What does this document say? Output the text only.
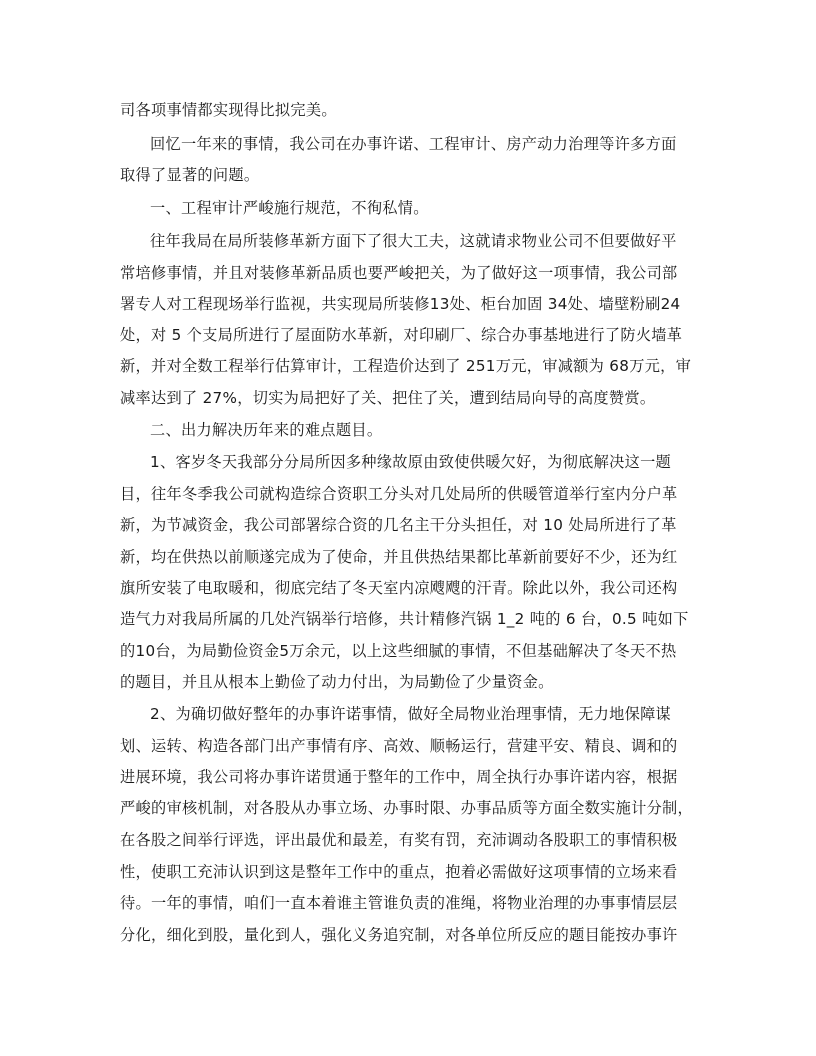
司各项事情都实现得比拟完美。
回忆一年来的事情，我公司在办事许诺、工程审计、房产动力治理等许多方面
取得了显著的问题。
一、工程审计严峻施行规范，不徇私情。
往年我局在局所装修革新方面下了很大工夫，这就请求物业公司不但要做好平
常培修事情，并且对装修革新品质也要严峻把关，为了做好这一项事情，我公司部
署专人对工程现场举行监视，共实现局所装修13处、柜台加固 34处、墙壁粉刷24
处，对 5 个支局所进行了屋面防水革新，对印刷厂、综合办事基地进行了防火墙革
新，并对全数工程举行估算审计，工程造价达到了 251万元，审减额为 68万元，审
减率达到了 27%，切实为局把好了关、把住了关，遭到结局向导的高度赞赏。
二、出力解决历年来的难点题目。
1、客岁冬天我部分分局所因多种缘故原由致使供暖欠好，为彻底解决这一题
目，往年冬季我公司就构造综合资职工分头对几处局所的供暖管道举行室内分户革
新，为节减资金，我公司部署综合资的几名主干分头担任，对 10 处局所进行了革
新，均在供热以前顺遂完成为了使命，并且供热结果都比革新前要好不少，还为红
旗所安装了电取暖和，彻底完结了冬天室内凉飕飕的汗青。除此以外，我公司还构
造气力对我局所属的几处汽锅举行培修，共计精修汽锅 1_2 吨的 6 台，0.5 吨如下
的10台，为局勤俭资金5万余元，以上这些细腻的事情，不但基础解决了冬天不热
的题目，并且从根本上勤俭了动力付出，为局勤俭了少量资金。
2、为确切做好整年的办事许诺事情，做好全局物业治理事情，无力地保障谋
划、运转、构造各部门出产事情有序、高效、顺畅运行，营建平安、精良、调和的
进展环境，我公司将办事许诺贯通于整年的工作中，周全执行办事许诺内容，根据
严峻的审核机制，对各股从办事立场、办事时限、办事品质等方面全数实施计分制，
在各股之间举行评选，评出最优和最差，有奖有罚，充沛调动各股职工的事情积极
性，使职工充沛认识到这是整年工作中的重点，抱着必需做好这项事情的立场来看
待。一年的事情，咱们一直本着谁主管谁负责的准绳，将物业治理的办事事情层层
分化，细化到股，量化到人，强化义务追究制，对各单位所反应的题目能按办事许
